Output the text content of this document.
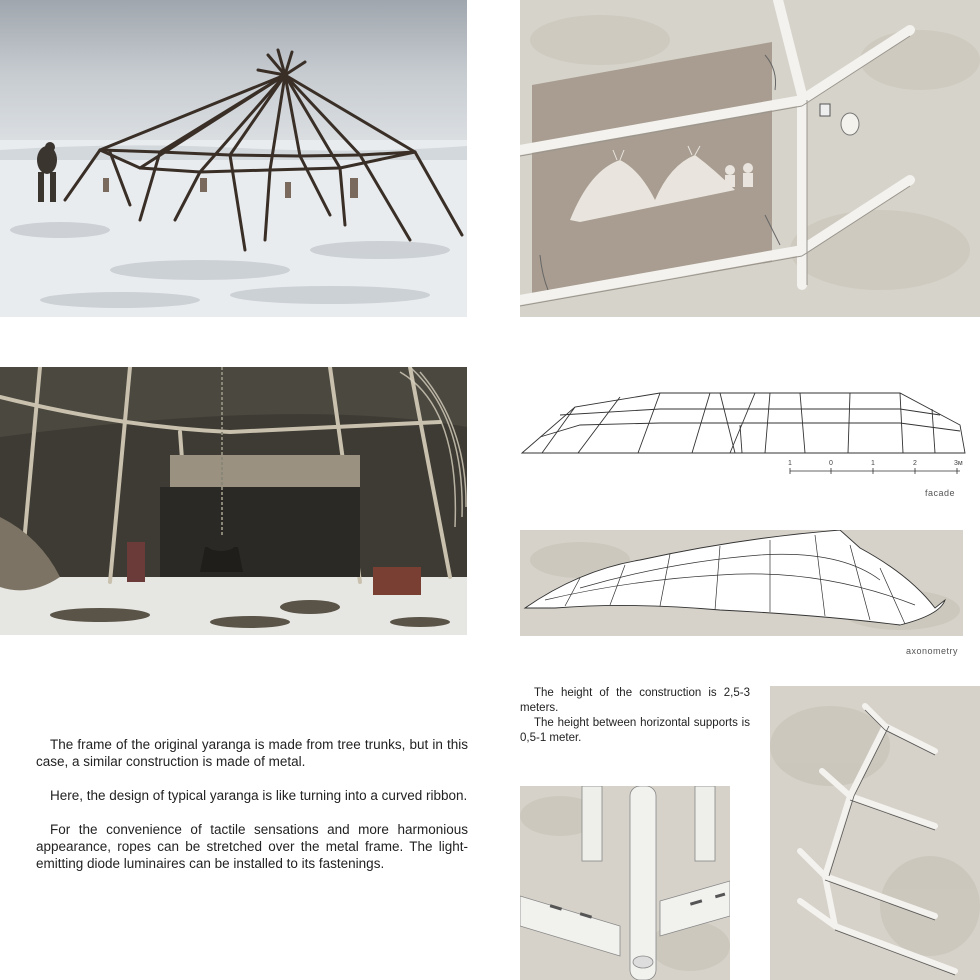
1	0	1	2	3м
facade
axonometry

The height of the construction is 2,5-3 meters.

The height between horizontal supports is 0,5-1 meter.

The frame of the original yaranga is made from tree trunks, but in this case, a similar construction is made of metal.

Here, the design of typical yaranga is like turning into a curved ribbon.

For the convenience of tactile sensations and more harmonious appearance, ropes can be stretched over the metal frame. The light-emitting diode luminaires can be installed to its fastenings.
